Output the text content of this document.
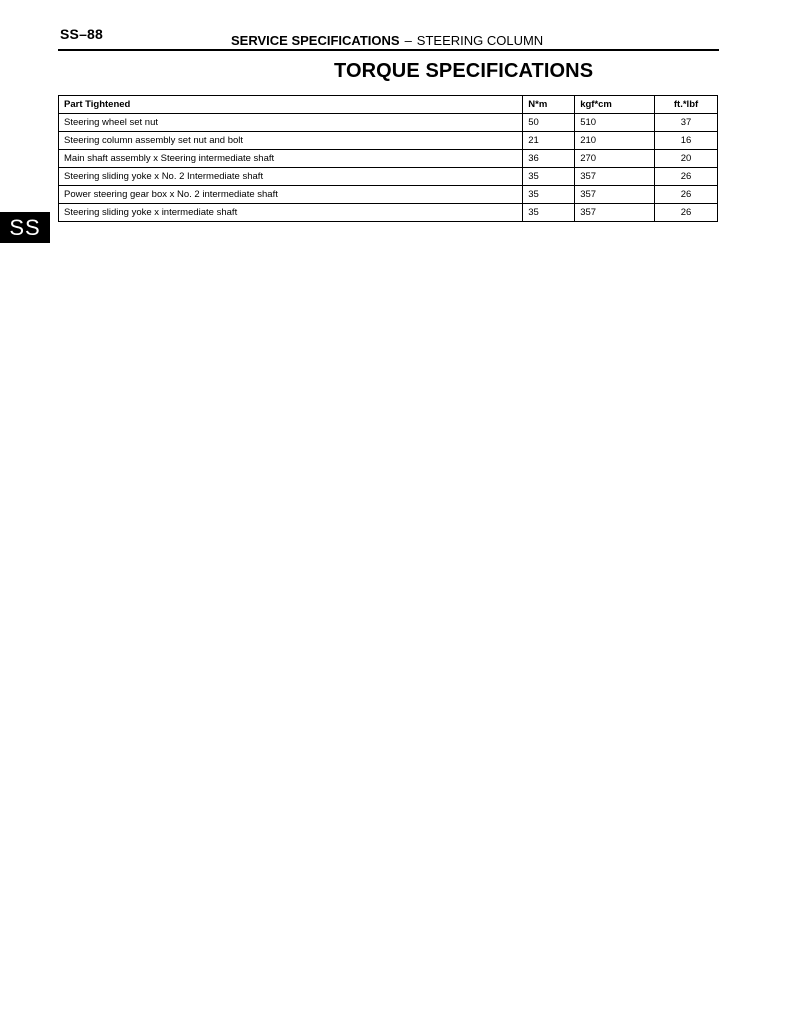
SS–88	SERVICE SPECIFICATIONS – STEERING COLUMN
TORQUE SPECIFICATIONS
Part Tightened	N*m	kgf*cm	ft.*lbf
Steering wheel set nut	50	510	37
Steering column assembly set nut and bolt	21	210	16
Main shaft assembly x Steering intermediate shaft	36	270	20
Steering sliding yoke x No. 2 Intermediate shaft	35	357	26
Power steering gear box x No. 2 intermediate shaft	35	357	26
Steering sliding yoke x intermediate shaft	35	357	26
SS
